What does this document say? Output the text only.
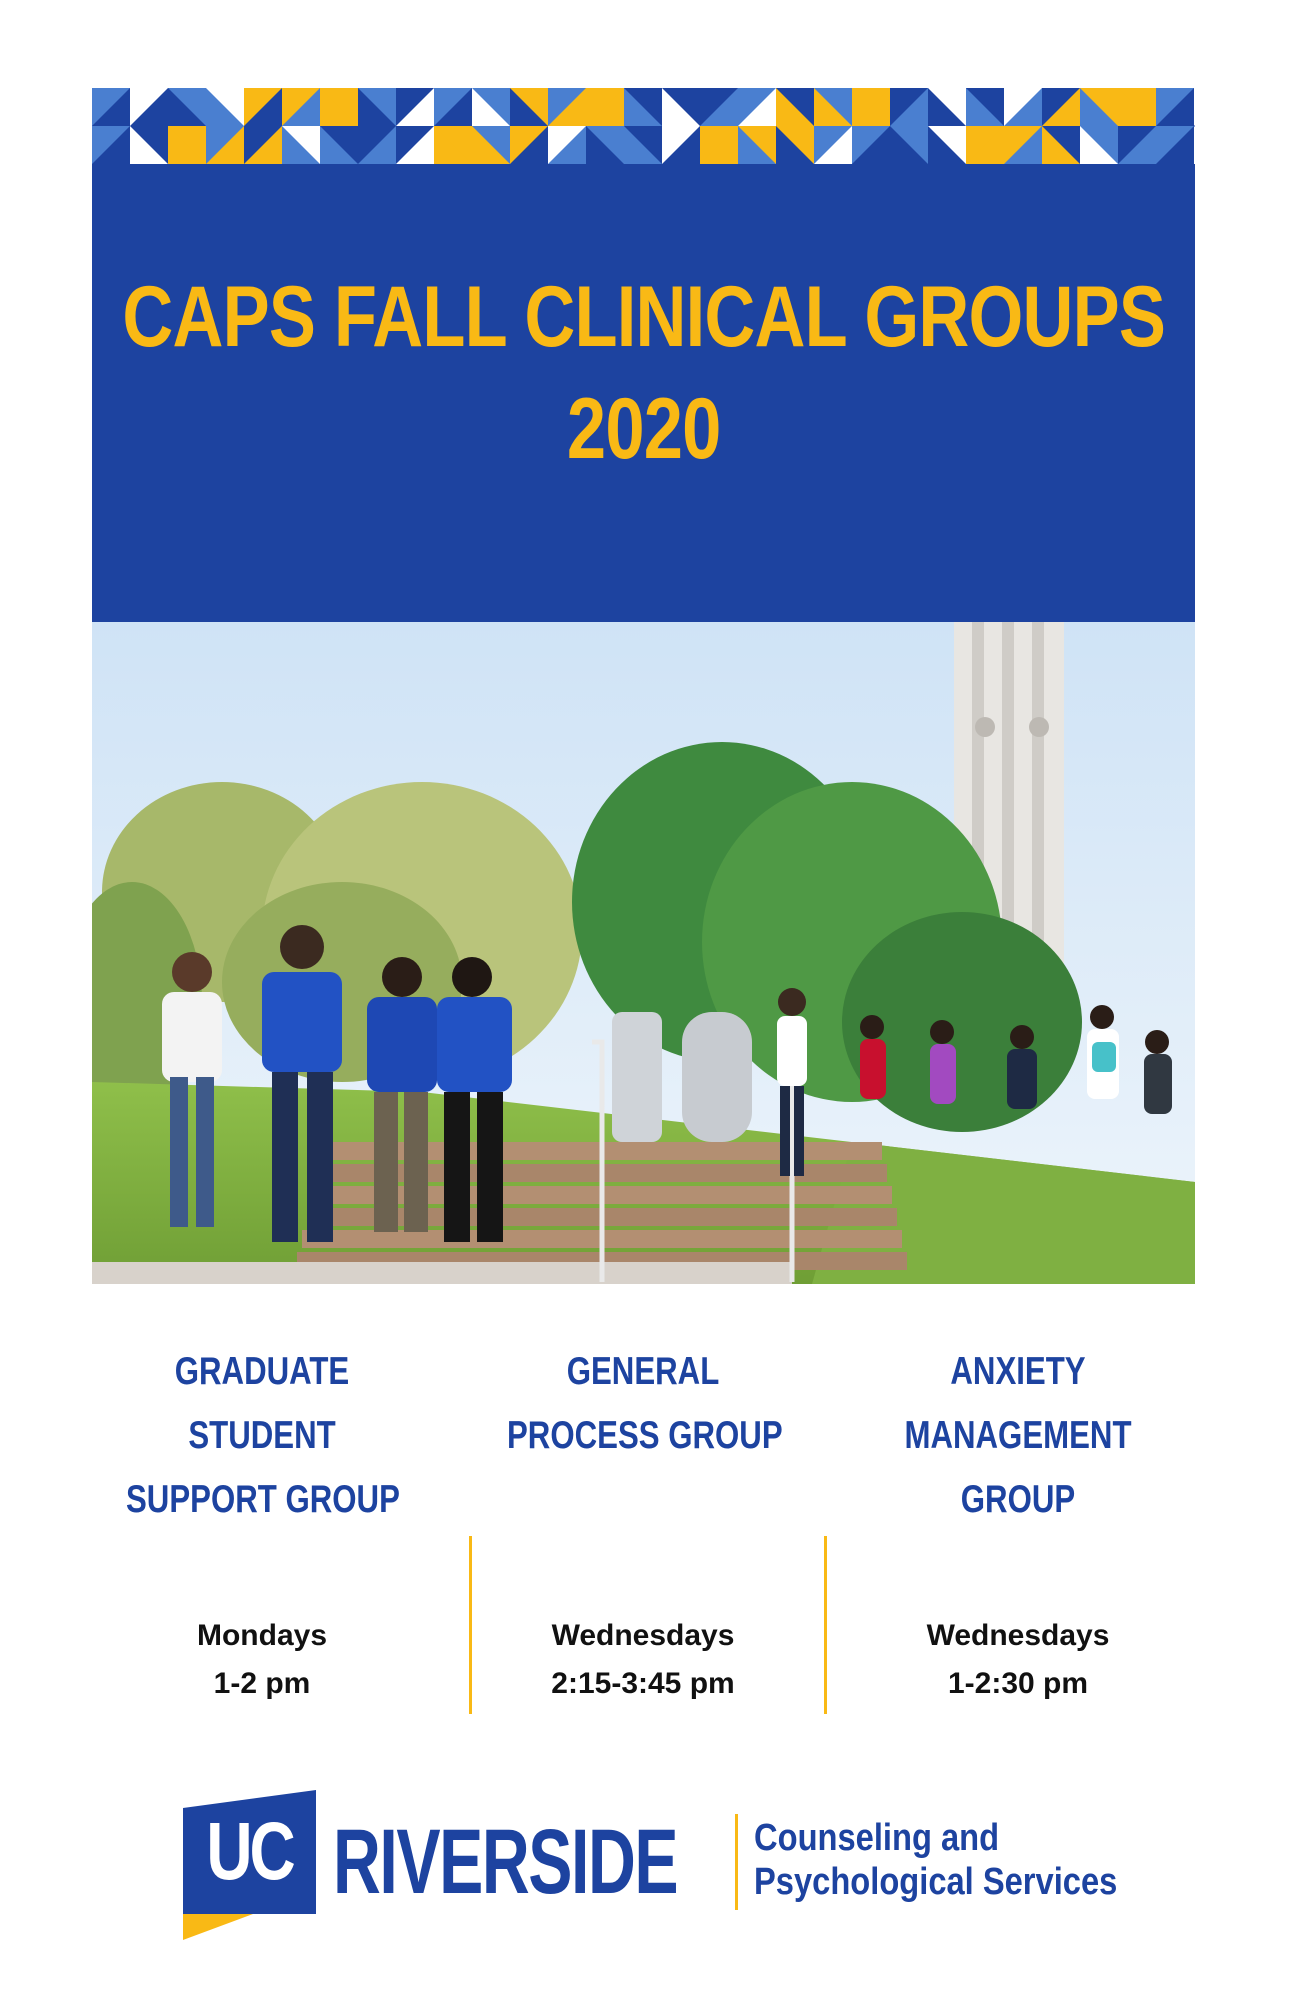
CAPS FALL CLINICAL GROUPS
2020
GRADUATE
STUDENT
SUPPORT GROUP
Mondays
1-2 pm
GENERAL
PROCESS GROUP
Wednesdays
2:15-3:45 pm
ANXIETY
MANAGEMENT
GROUP
Wednesdays
1-2:30 pm
UC RIVERSIDE Counseling and
Psychological Services
